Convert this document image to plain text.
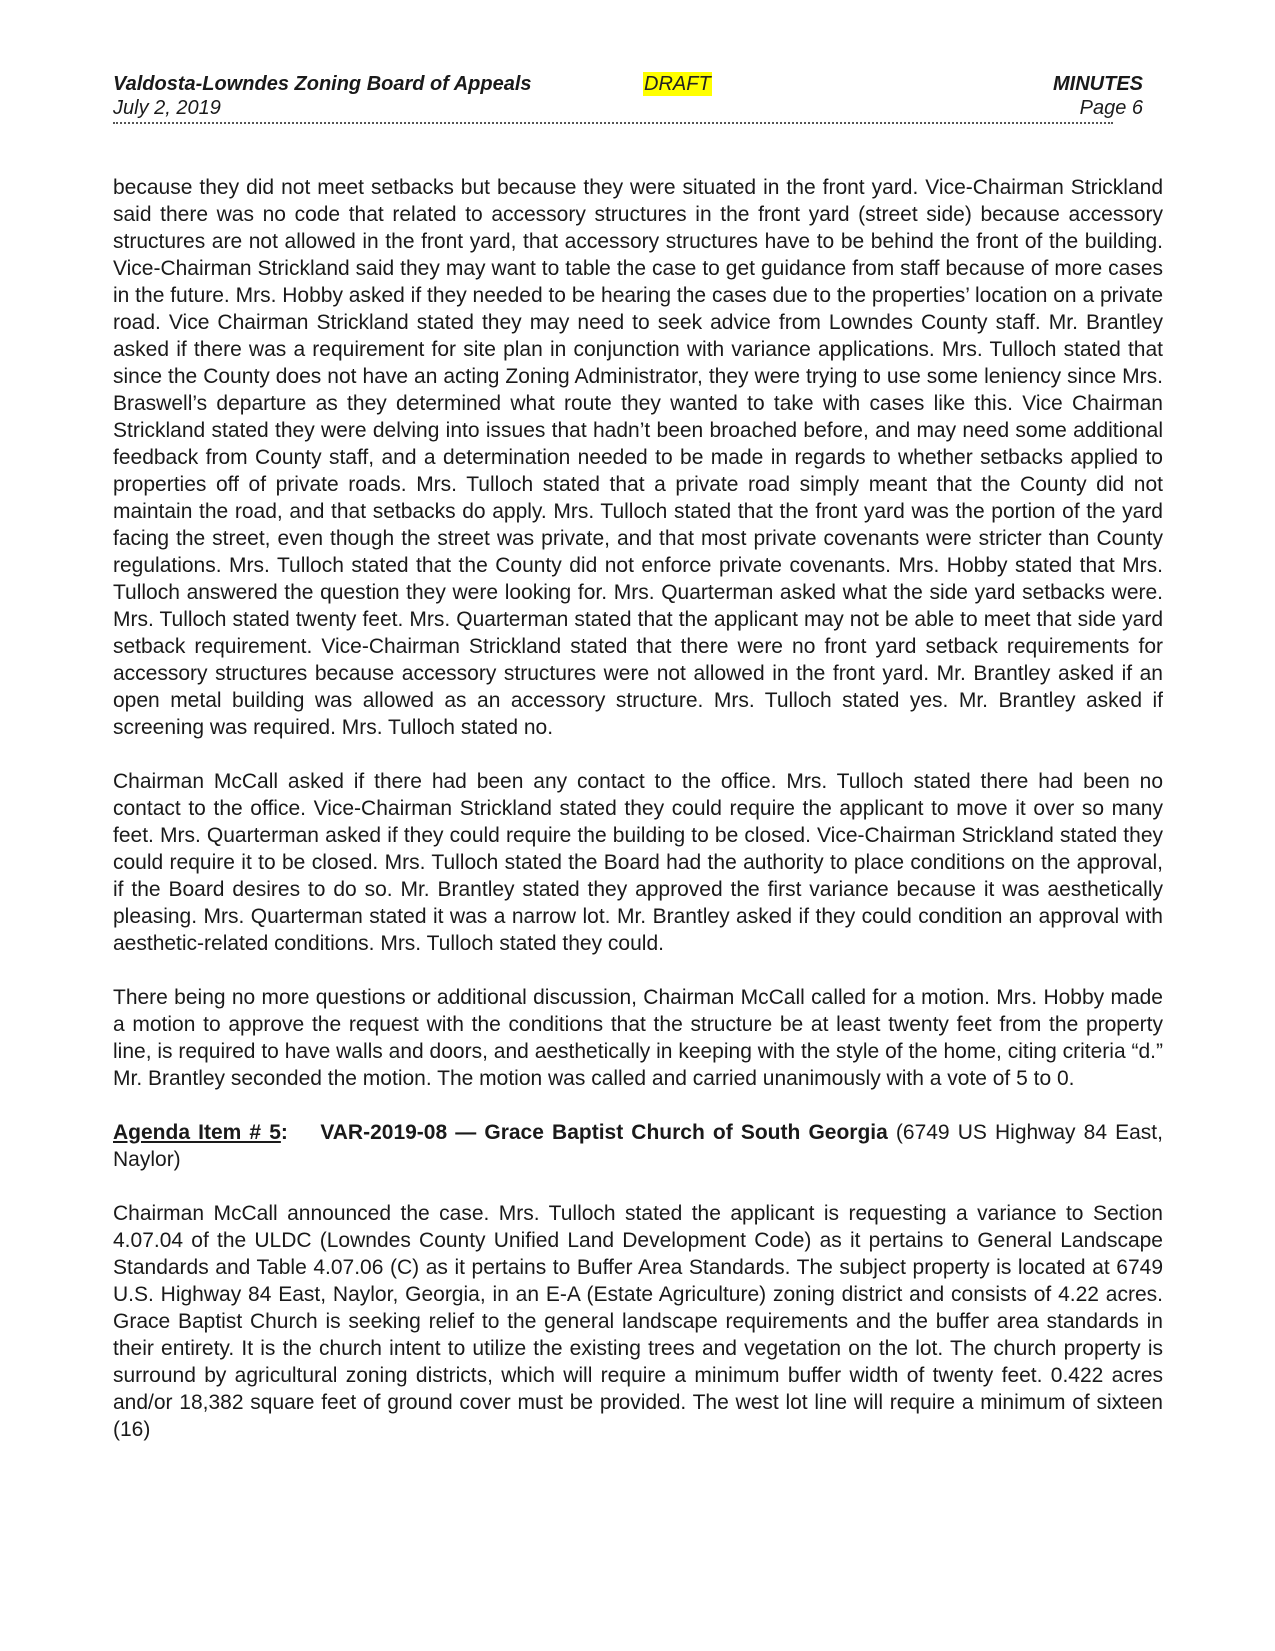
Valdosta-Lowndes Zoning Board of Appeals
July 2, 2019
DRAFT	MINUTES
Page 6

because they did not meet setbacks but because they were situated in the front yard. Vice-Chairman Strickland said there was no code that related to accessory structures in the front yard (street side) because accessory structures are not allowed in the front yard, that accessory structures have to be behind the front of the building. Vice-Chairman Strickland said they may want to table the case to get guidance from staff because of more cases in the future. Mrs. Hobby asked if they needed to be hearing the cases due to the properties’ location on a private road. Vice Chairman Strickland stated they may need to seek advice from Lowndes County staff. Mr. Brantley asked if there was a requirement for site plan in conjunction with variance applications. Mrs. Tulloch stated that since the County does not have an acting Zoning Administrator, they were trying to use some leniency since Mrs. Braswell’s departure as they determined what route they wanted to take with cases like this. Vice Chairman Strickland stated they were delving into issues that hadn’t been broached before, and may need some additional feedback from County staff, and a determination needed to be made in regards to whether setbacks applied to properties off of private roads. Mrs. Tulloch stated that a private road simply meant that the County did not maintain the road, and that setbacks do apply. Mrs. Tulloch stated that the front yard was the portion of the yard facing the street, even though the street was private, and that most private covenants were stricter than County regulations. Mrs. Tulloch stated that the County did not enforce private covenants. Mrs. Hobby stated that Mrs. Tulloch answered the question they were looking for. Mrs. Quarterman asked what the side yard setbacks were. Mrs. Tulloch stated twenty feet. Mrs. Quarterman stated that the applicant may not be able to meet that side yard setback requirement. Vice-Chairman Strickland stated that there were no front yard setback requirements for accessory structures because accessory structures were not allowed in the front yard. Mr. Brantley asked if an open metal building was allowed as an accessory structure. Mrs. Tulloch stated yes. Mr. Brantley asked if screening was required. Mrs. Tulloch stated no.

Chairman McCall asked if there had been any contact to the office. Mrs. Tulloch stated there had been no contact to the office. Vice-Chairman Strickland stated they could require the applicant to move it over so many feet. Mrs. Quarterman asked if they could require the building to be closed. Vice-Chairman Strickland stated they could require it to be closed. Mrs. Tulloch stated the Board had the authority to place conditions on the approval, if the Board desires to do so. Mr. Brantley stated they approved the first variance because it was aesthetically pleasing. Mrs. Quarterman stated it was a narrow lot. Mr. Brantley asked if they could condition an approval with aesthetic-related conditions. Mrs. Tulloch stated they could.

There being no more questions or additional discussion, Chairman McCall called for a motion. Mrs. Hobby made a motion to approve the request with the conditions that the structure be at least twenty feet from the property line, is required to have walls and doors, and aesthetically in keeping with the style of the home, citing criteria “d.” Mr. Brantley seconded the motion. The motion was called and carried unanimously with a vote of 5 to 0.

Agenda Item # 5: VAR-2019-08 — Grace Baptist Church of South Georgia (6749 US Highway 84 East, Naylor)

Chairman McCall announced the case. Mrs. Tulloch stated the applicant is requesting a variance to Section 4.07.04 of the ULDC (Lowndes County Unified Land Development Code) as it pertains to General Landscape Standards and Table 4.07.06 (C) as it pertains to Buffer Area Standards. The subject property is located at 6749 U.S. Highway 84 East, Naylor, Georgia, in an E-A (Estate Agriculture) zoning district and consists of 4.22 acres. Grace Baptist Church is seeking relief to the general landscape requirements and the buffer area standards in their entirety. It is the church intent to utilize the existing trees and vegetation on the lot. The church property is surround by agricultural zoning districts, which will require a minimum buffer width of twenty feet. 0.422 acres and/or 18,382 square feet of ground cover must be provided. The west lot line will require a minimum of sixteen (16)
